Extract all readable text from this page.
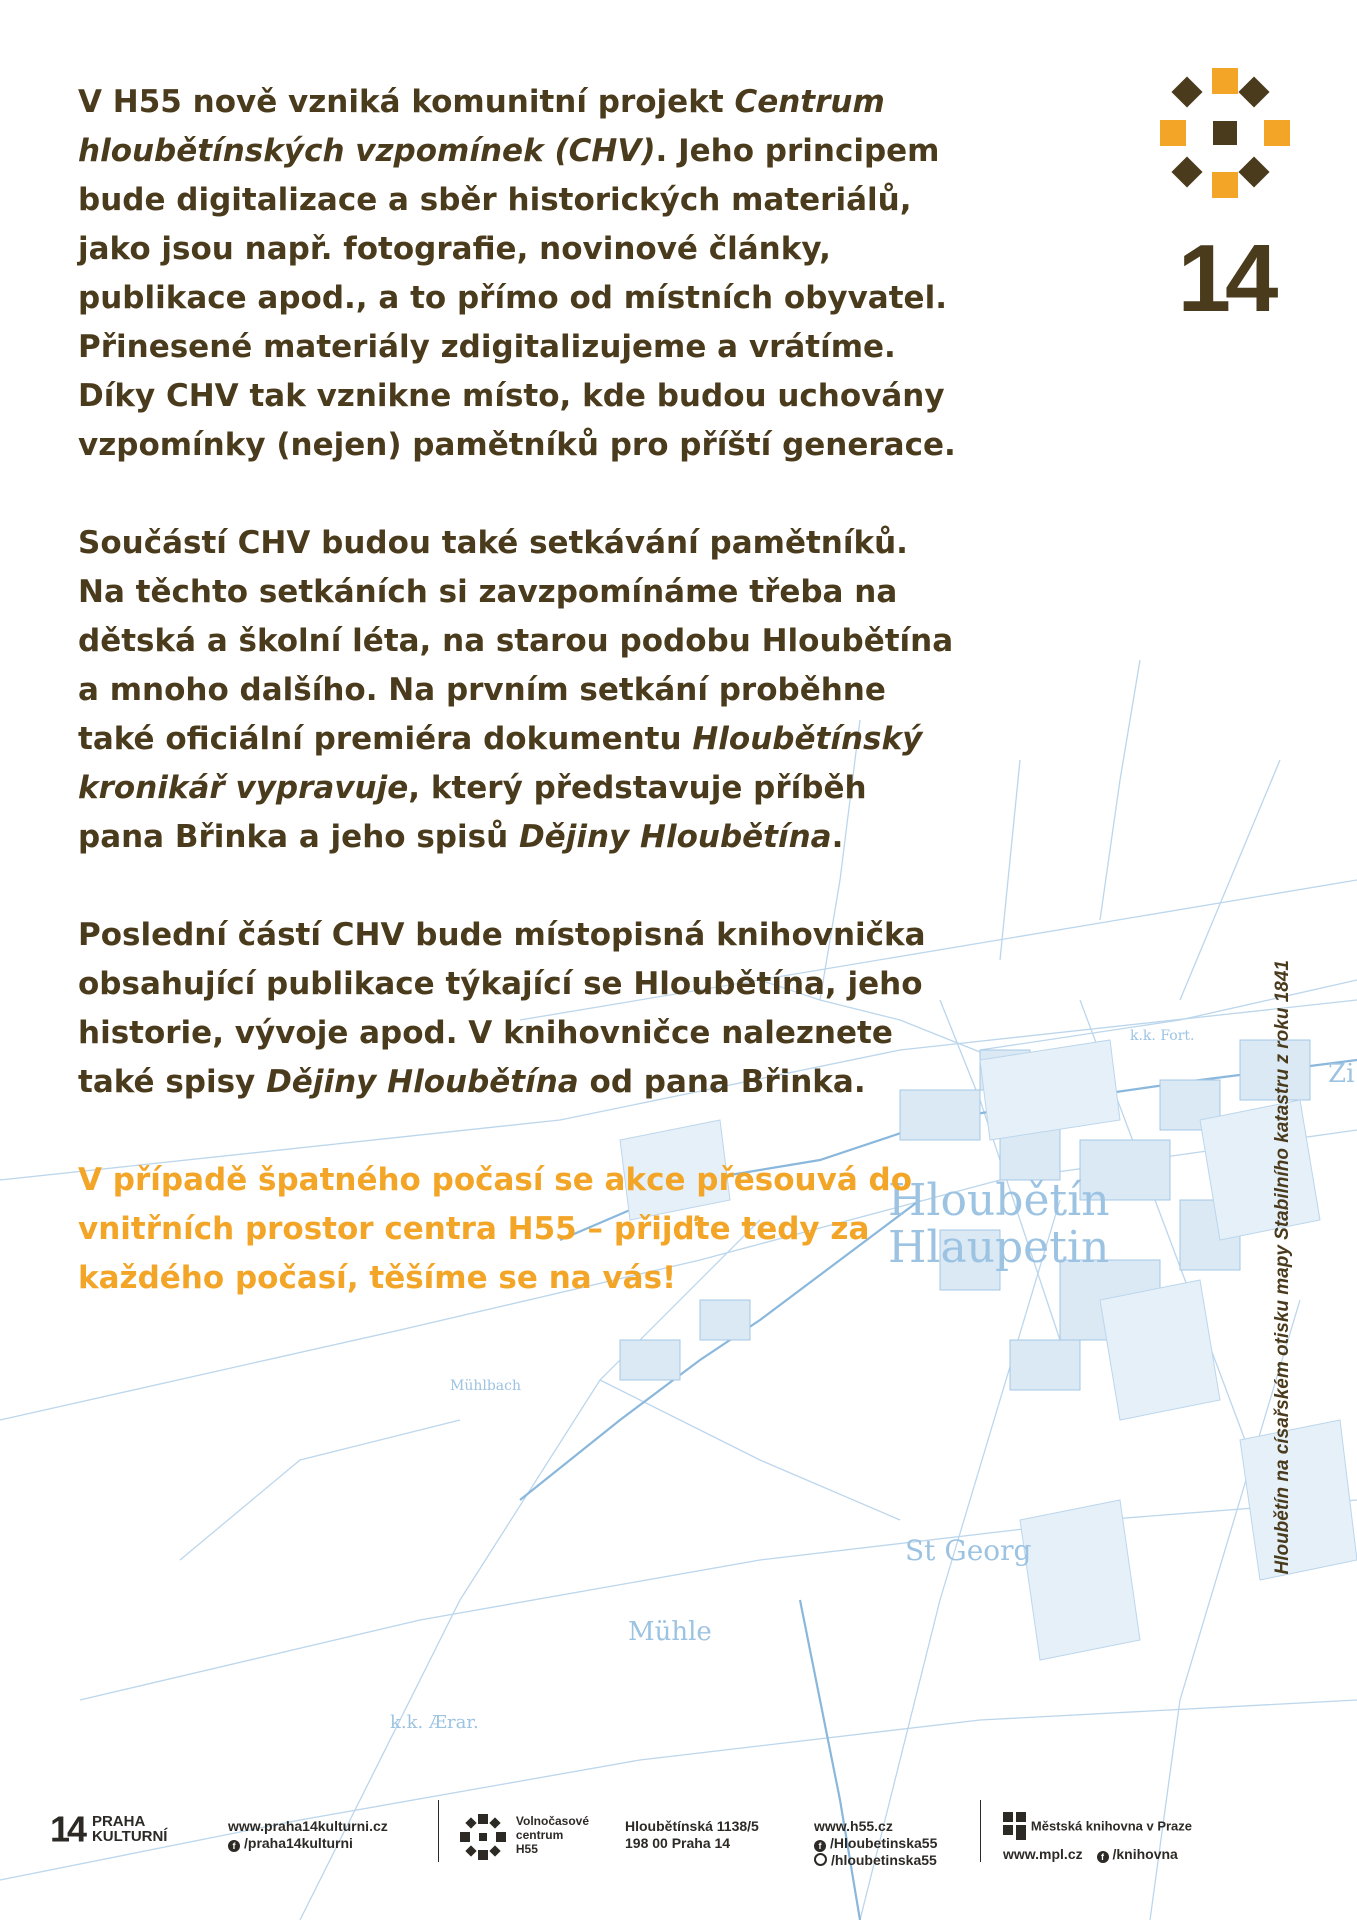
Hloubětín
Hlaupetin
St Georg
Mühle
k.k. Ærar.
k.k. Fort.
Mühlbach
Zi

V H55 nově vzniká komunitní projekt Centrum hloubětínských vzpomínek (CHV). Jeho principem bude digitalizace a sběr historických materiálů, jako jsou např. fotografie, novinové články, publikace apod., a to přímo od místních obyvatel. Přinesené materiály zdigitalizujeme a vrátíme. Díky CHV tak vznikne místo, kde budou uchovány vzpomínky (nejen) pamětníků pro příští generace.

Součástí CHV budou také setkávání pamětníků. Na těchto setkáních si zavzpomínáme třeba na dětská a školní léta, na starou podobu Hloubětína a mnoho dalšího. Na prvním setkání proběhne také oficiální premiéra dokumentu Hloubětínský kronikář vypravuje, který představuje příběh pana Břinka a jeho spisů Dějiny Hloubětína.

Poslední částí CHV bude místopisná knihovnička obsahující publikace týkající se Hloubětína, jeho historie, vývoje apod. V knihovničce naleznete také spisy Dějiny Hloubětína od pana Břinka.

V případě špatného počasí se akce přesouvá do vnitřních prostor centra H55 – přijďte tedy za každého počasí, těšíme se na vás!

14
Hloubětín na císařském otisku mapy Stabilního katastru z roku 1841
14 PRAHA
KULTURNÍ
www.praha14kulturni.cz
f /praha14kulturni

Volnočasové
centrum
H55
Hloubětínská 1138/5
198 00 Praha 14
www.h55.cz
f /Hloubetinska55
/hloubetinska55
Městská knihovna v Praze
www.mpl.cz f /knihovna
